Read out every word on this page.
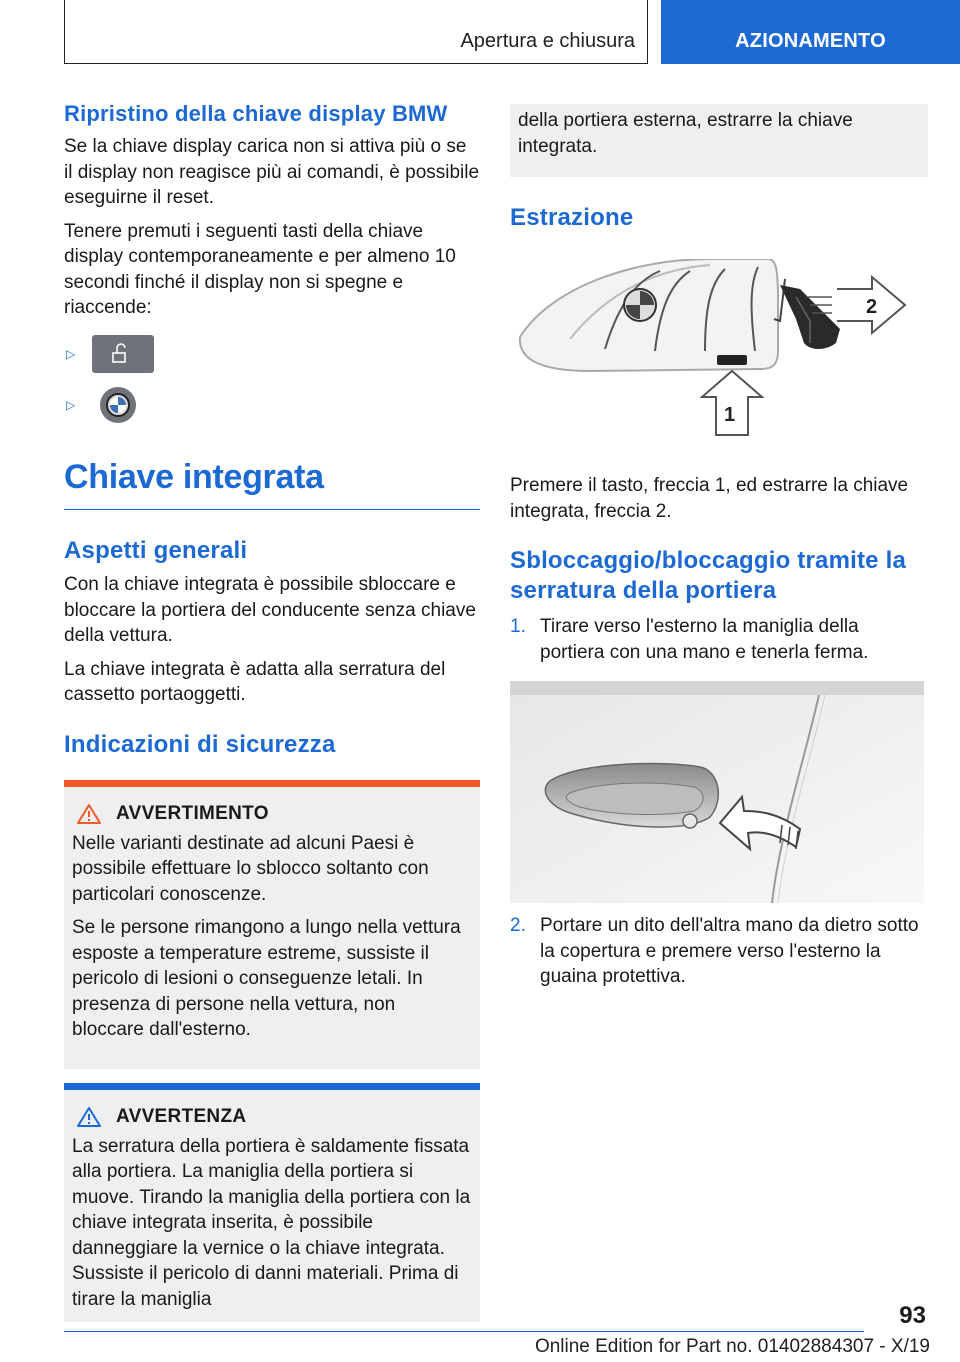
Apertura e chiusura	AZIONAMENTO
Ripristino della chiave display BMW

Se la chiave display carica non si attiva più o se il display non reagisce più ai comandi, è possibile eseguirne il reset.

Tenere premuti i seguenti tasti della chiave display contemporaneamente e per almeno 10 secondi finché il display non si spegne e riaccende:

▷
▷
Chiave integrata
Aspetti generali

Con la chiave integrata è possibile sbloccare e bloccare la portiera del conducente senza chiave della vettura.

La chiave integrata è adatta alla serratura del cassetto portaoggetti.

Indicazioni di sicurezza
AVVERTIMENTO

Nelle varianti destinate ad alcuni Paesi è possibile effettuare lo sblocco soltanto con particolari conoscenze.

Se le persone rimangono a lungo nella vettura esposte a temperature estreme, sussiste il pericolo di lesioni o conseguenze letali. In presenza di persone nella vettura, non bloccare dall'esterno.

AVVERTENZA

La serratura della portiera è saldamente fissata alla portiera. La maniglia della portiera si muove. Tirando la maniglia della portiera con la chiave integrata inserita, è possibile danneggiare la vernice o la chiave integrata. Sussiste il pericolo di danni materiali. Prima di tirare la maniglia

della portiera esterna, estrarre la chiave integrata.

Estrazione
2
1

Premere il tasto, freccia 1, ed estrarre la chiave integrata, freccia 2.

Sbloccaggio/bloccaggio tramite la serratura della portiera
1. Tirare verso l'esterno la maniglia della portiera con una mano e tenerla ferma.
2. Portare un dito dell'altra mano da dietro sotto la copertura e premere verso l'esterno la guaina protettiva.
93
Online Edition for Part no. 01402884307 - X/19
